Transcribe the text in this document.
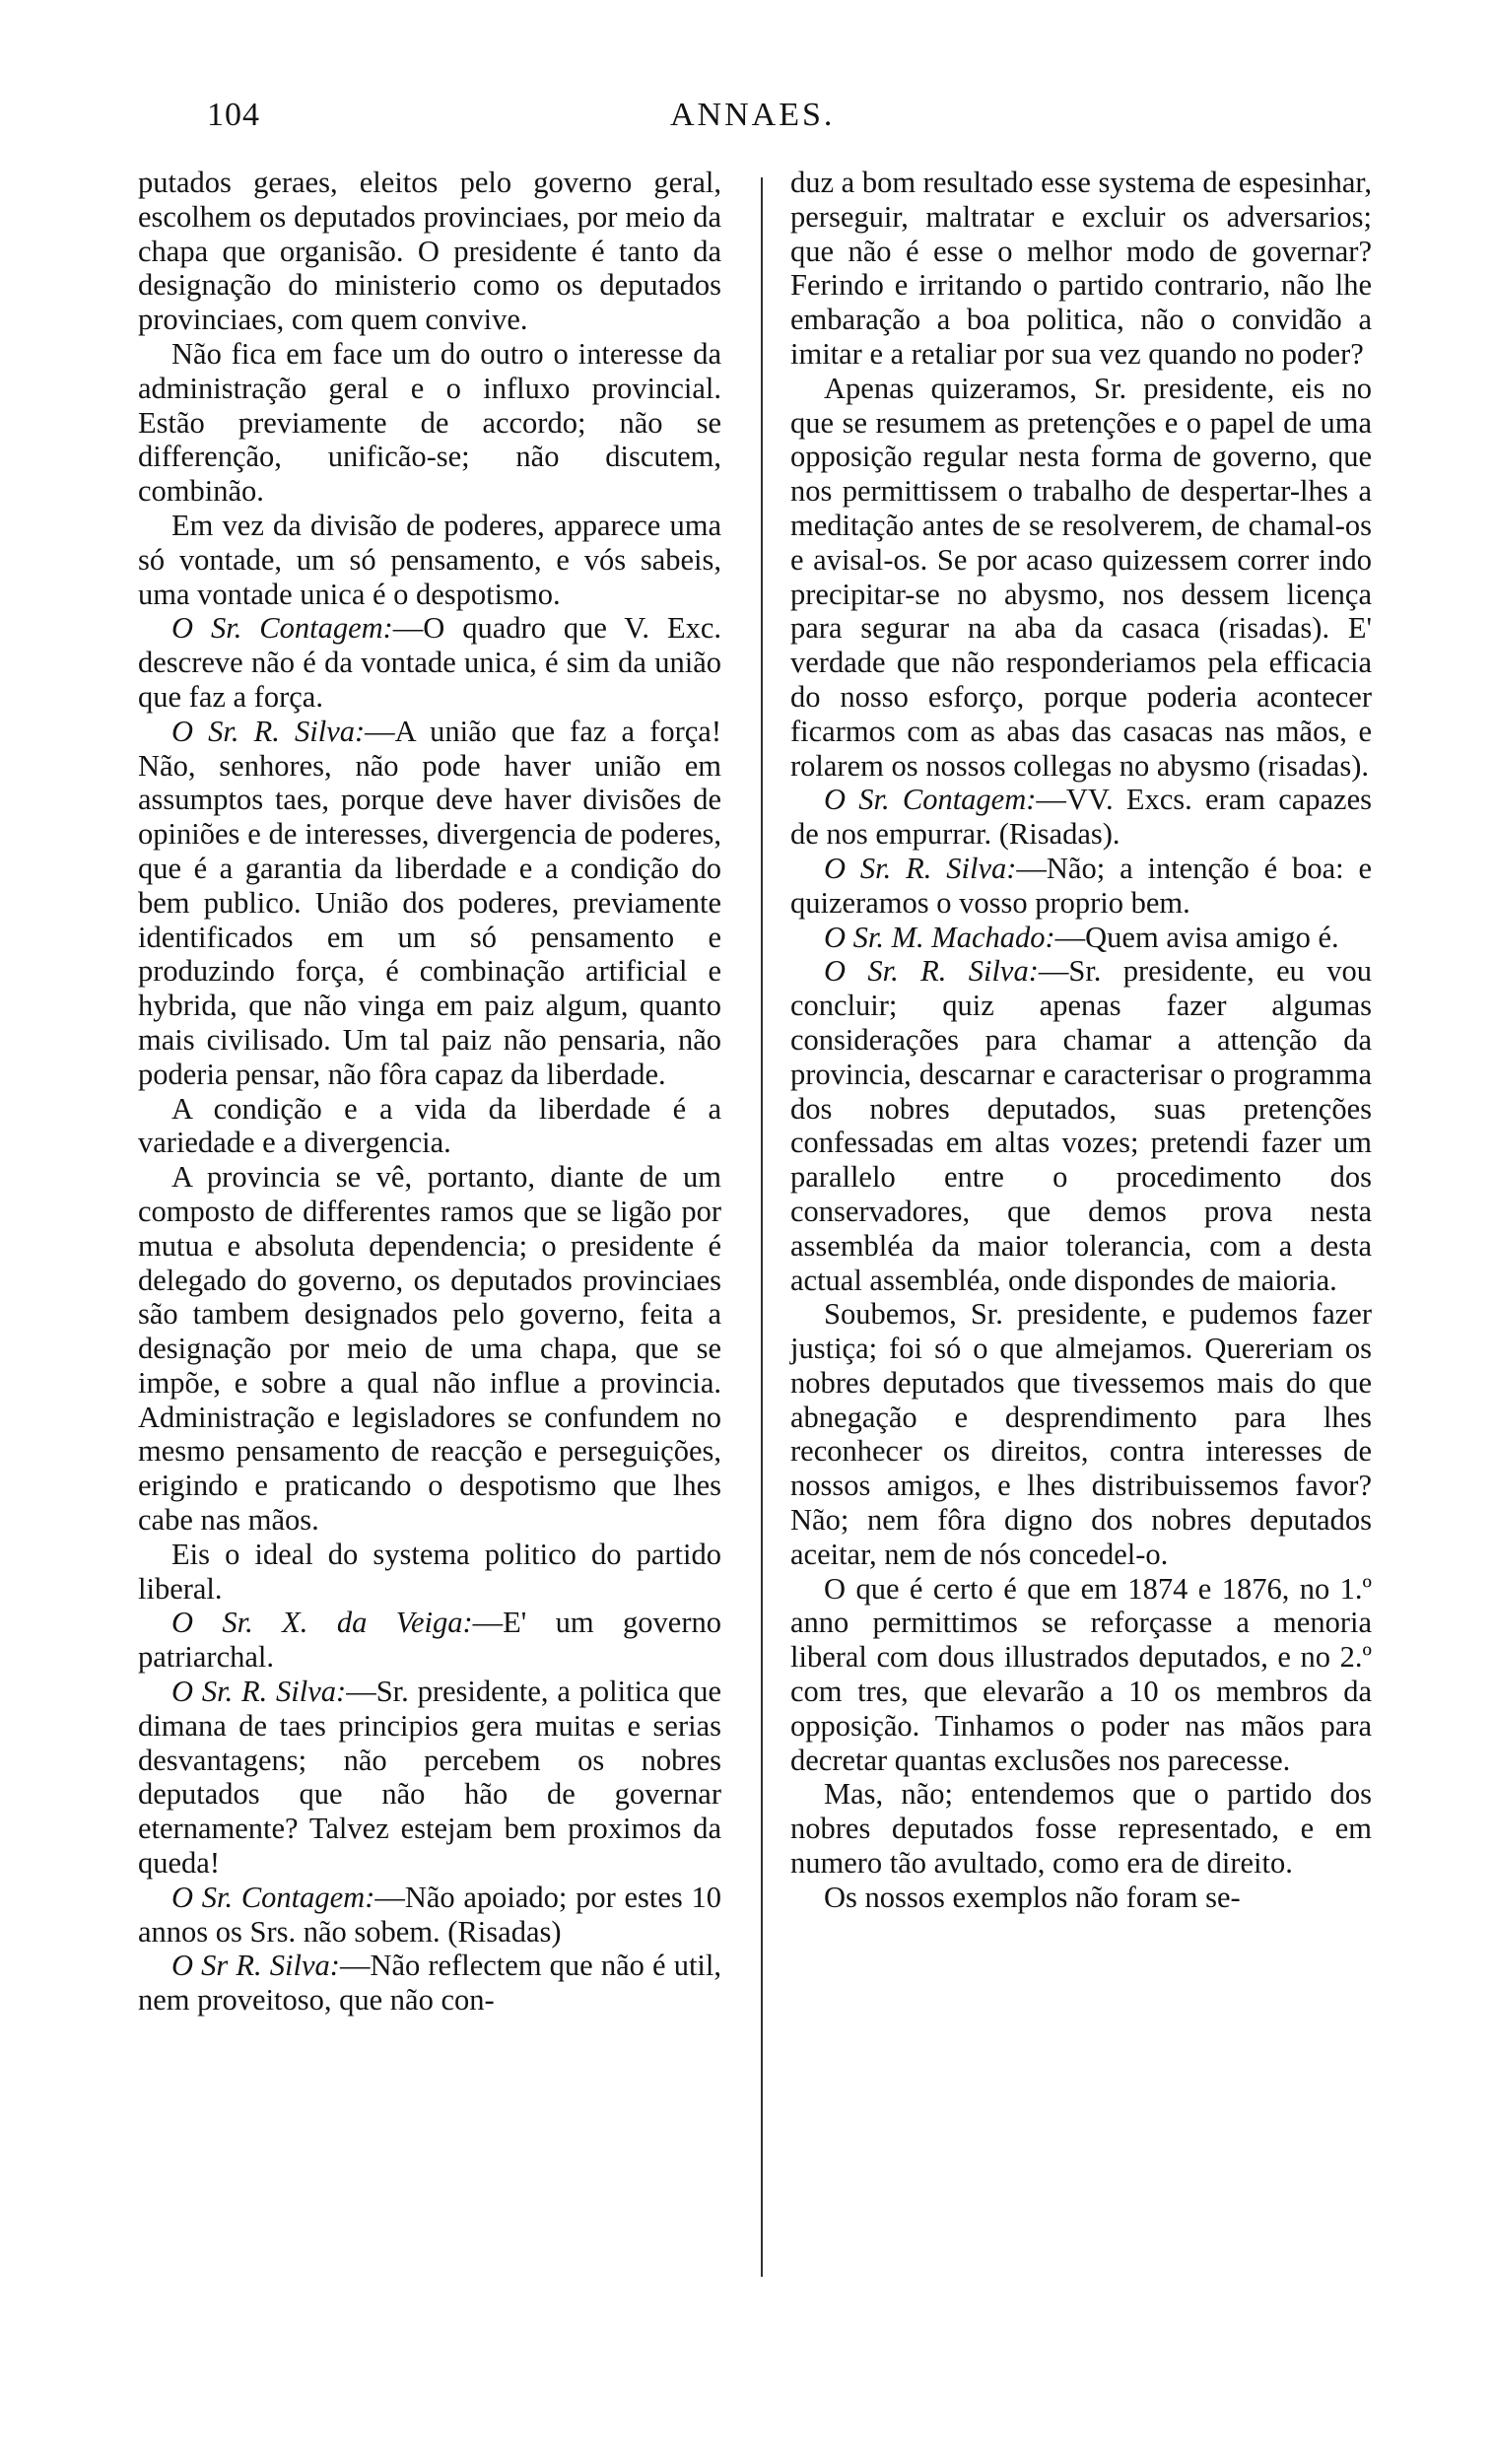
104	ANNAES.

putados geraes, eleitos pelo governo geral, escolhem os deputados provinciaes, por meio da chapa que organisão. O presidente é tanto da designação do ministerio como os deputados provinciaes, com quem convive.

Não fica em face um do outro o interesse da administração geral e o influxo provincial. Estão previamente de accordo; não se differenção, unificão-se; não discutem, combinão.

Em vez da divisão de poderes, apparece uma só vontade, um só pensamento, e vós sabeis, uma vontade unica é o despotismo.

O Sr. Contagem:—O quadro que V. Exc. descreve não é da vontade unica, é sim da união que faz a força.

O Sr. R. Silva:—A união que faz a força! Não, senhores, não pode haver união em assumptos taes, porque deve haver divisões de opiniões e de interesses, divergencia de poderes, que é a garantia da liberdade e a condição do bem publico. União dos poderes, previamente identificados em um só pensamento e produzindo força, é combinação artificial e hybrida, que não vinga em paiz algum, quanto mais civilisado. Um tal paiz não pensaria, não poderia pensar, não fôra capaz da liberdade.

A condição e a vida da liberdade é a variedade e a divergencia.

A provincia se vê, portanto, diante de um composto de differentes ramos que se ligão por mutua e absoluta dependencia; o presidente é delegado do governo, os deputados provinciaes são tambem designados pelo governo, feita a designação por meio de uma chapa, que se impõe, e sobre a qual não influe a provincia. Administração e legisladores se confundem no mesmo pensamento de reacção e perseguições, erigindo e praticando o despotismo que lhes cabe nas mãos.

Eis o ideal do systema politico do partido liberal.

O Sr. X. da Veiga:—E' um governo patriarchal.

O Sr. R. Silva:—Sr. presidente, a politica que dimana de taes principios gera muitas e serias desvantagens; não percebem os nobres deputados que não hão de governar eternamente? Talvez estejam bem proximos da queda!

O Sr. Contagem:—Não apoiado; por estes 10 annos os Srs. não sobem. (Risadas)

O Sr R. Silva:—Não reflectem que não é util, nem proveitoso, que não con-

duz a bom resultado esse systema de espesinhar, perseguir, maltratar e excluir os adversarios; que não é esse o melhor modo de governar? Ferindo e irritando o partido contrario, não lhe embaração a boa politica, não o convidão a imitar e a retaliar por sua vez quando no poder?

Apenas quizeramos, Sr. presidente, eis no que se resumem as pretenções e o papel de uma opposição regular nesta forma de governo, que nos permittissem o trabalho de despertar-lhes a meditação antes de se resolverem, de chamal-os e avisal-os. Se por acaso quizessem correr indo precipitar-se no abysmo, nos dessem licença para segurar na aba da casaca (risadas). E' verdade que não responderiamos pela efficacia do nosso esforço, porque poderia acontecer ficarmos com as abas das casacas nas mãos, e rolarem os nossos collegas no abysmo (risadas).

O Sr. Contagem:—VV. Excs. eram capazes de nos empurrar. (Risadas).

O Sr. R. Silva:—Não; a intenção é boa: e quizeramos o vosso proprio bem.

O Sr. M. Machado:—Quem avisa amigo é.

O Sr. R. Silva:—Sr. presidente, eu vou concluir; quiz apenas fazer algumas considerações para chamar a attenção da provincia, descarnar e caracterisar o programma dos nobres deputados, suas pretenções confessadas em altas vozes; pretendi fazer um parallelo entre o procedimento dos conservadores, que demos prova nesta assembléa da maior tolerancia, com a desta actual assembléa, onde dispondes de maioria.

Soubemos, Sr. presidente, e pudemos fazer justiça; foi só o que almejamos. Quereriam os nobres deputados que tivessemos mais do que abnegação e desprendimento para lhes reconhecer os direitos, contra interesses de nossos amigos, e lhes distribuissemos favor? Não; nem fôra digno dos nobres deputados aceitar, nem de nós concedel-o.

O que é certo é que em 1874 e 1876, no 1.º anno permittimos se reforçasse a menoria liberal com dous illustrados deputados, e no 2.º com tres, que elevarão a 10 os membros da opposição. Tinhamos o poder nas mãos para decretar quantas exclusões nos parecesse.

Mas, não; entendemos que o partido dos nobres deputados fosse representado, e em numero tão avultado, como era de direito.

Os nossos exemplos não foram se-
